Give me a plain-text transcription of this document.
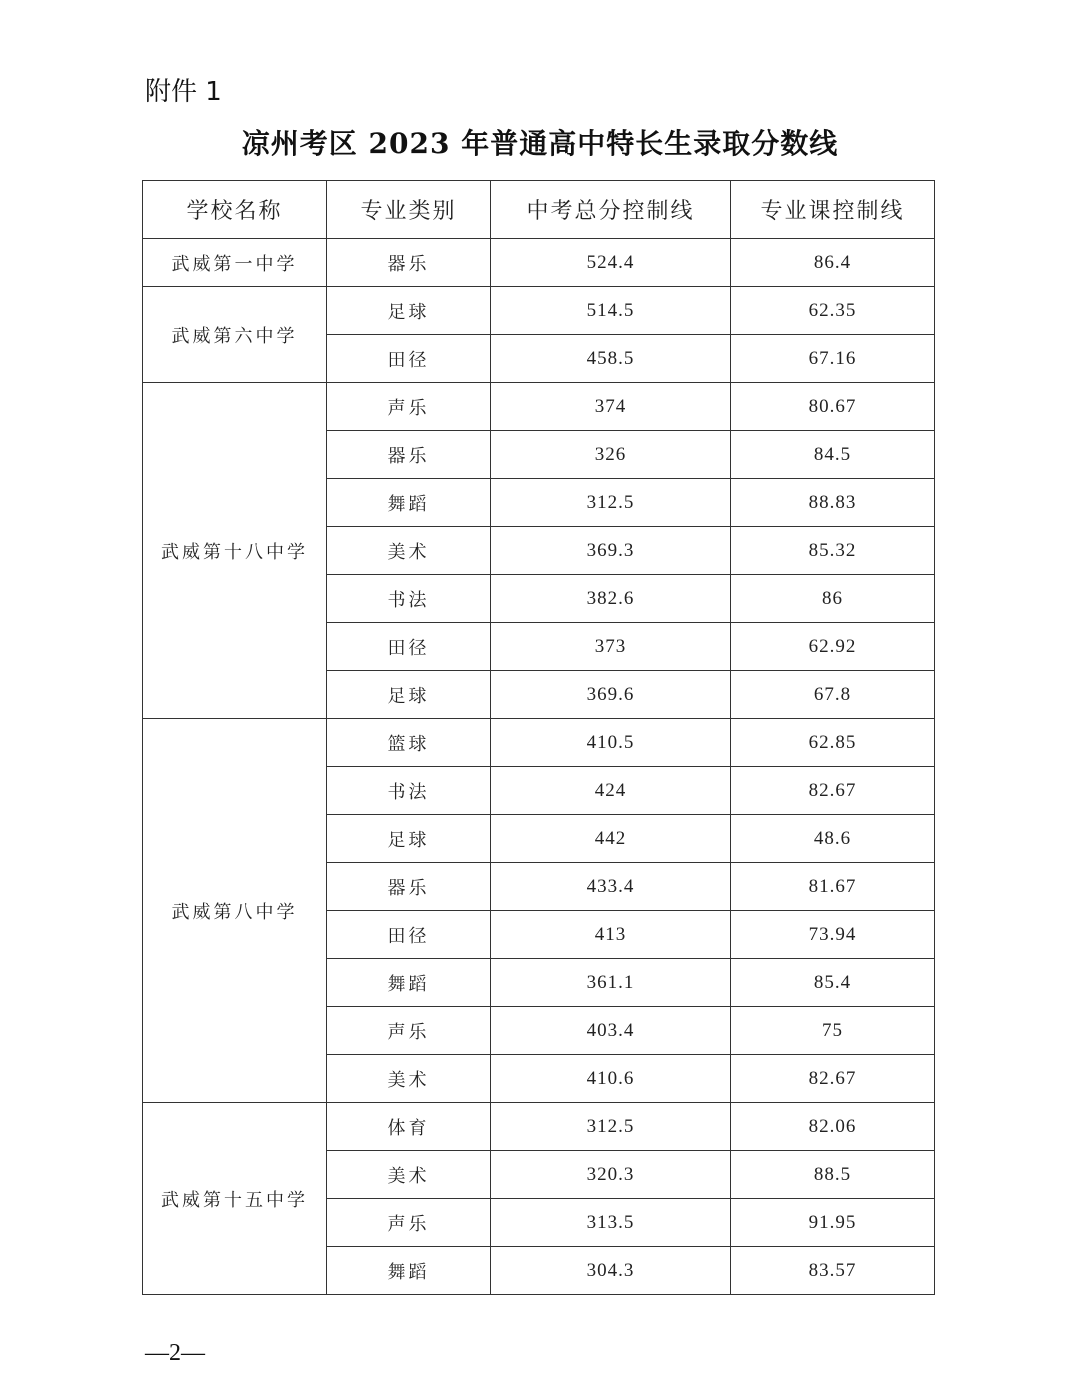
附件 1
凉州考区 2023 年普通高中特长生录取分数线
学校名称	专业类别	中考总分控制线	专业课控制线
武威第一中学	器乐	524.4	86.4
武威第六中学	足球	514.5	62.35
	田径	458.5	67.16
武威第十八中学	声乐	374	80.67
	器乐	326	84.5
	舞蹈	312.5	88.83
	美术	369.3	85.32
	书法	382.6	86
	田径	373	62.92
	足球	369.6	67.8
武威第八中学	篮球	410.5	62.85
	书法	424	82.67
	足球	442	48.6
	器乐	433.4	81.67
	田径	413	73.94
	舞蹈	361.1	85.4
	声乐	403.4	75
	美术	410.6	82.67
武威第十五中学	体育	312.5	82.06
	美术	320.3	88.5
	声乐	313.5	91.95
	舞蹈	304.3	83.57
—2—
